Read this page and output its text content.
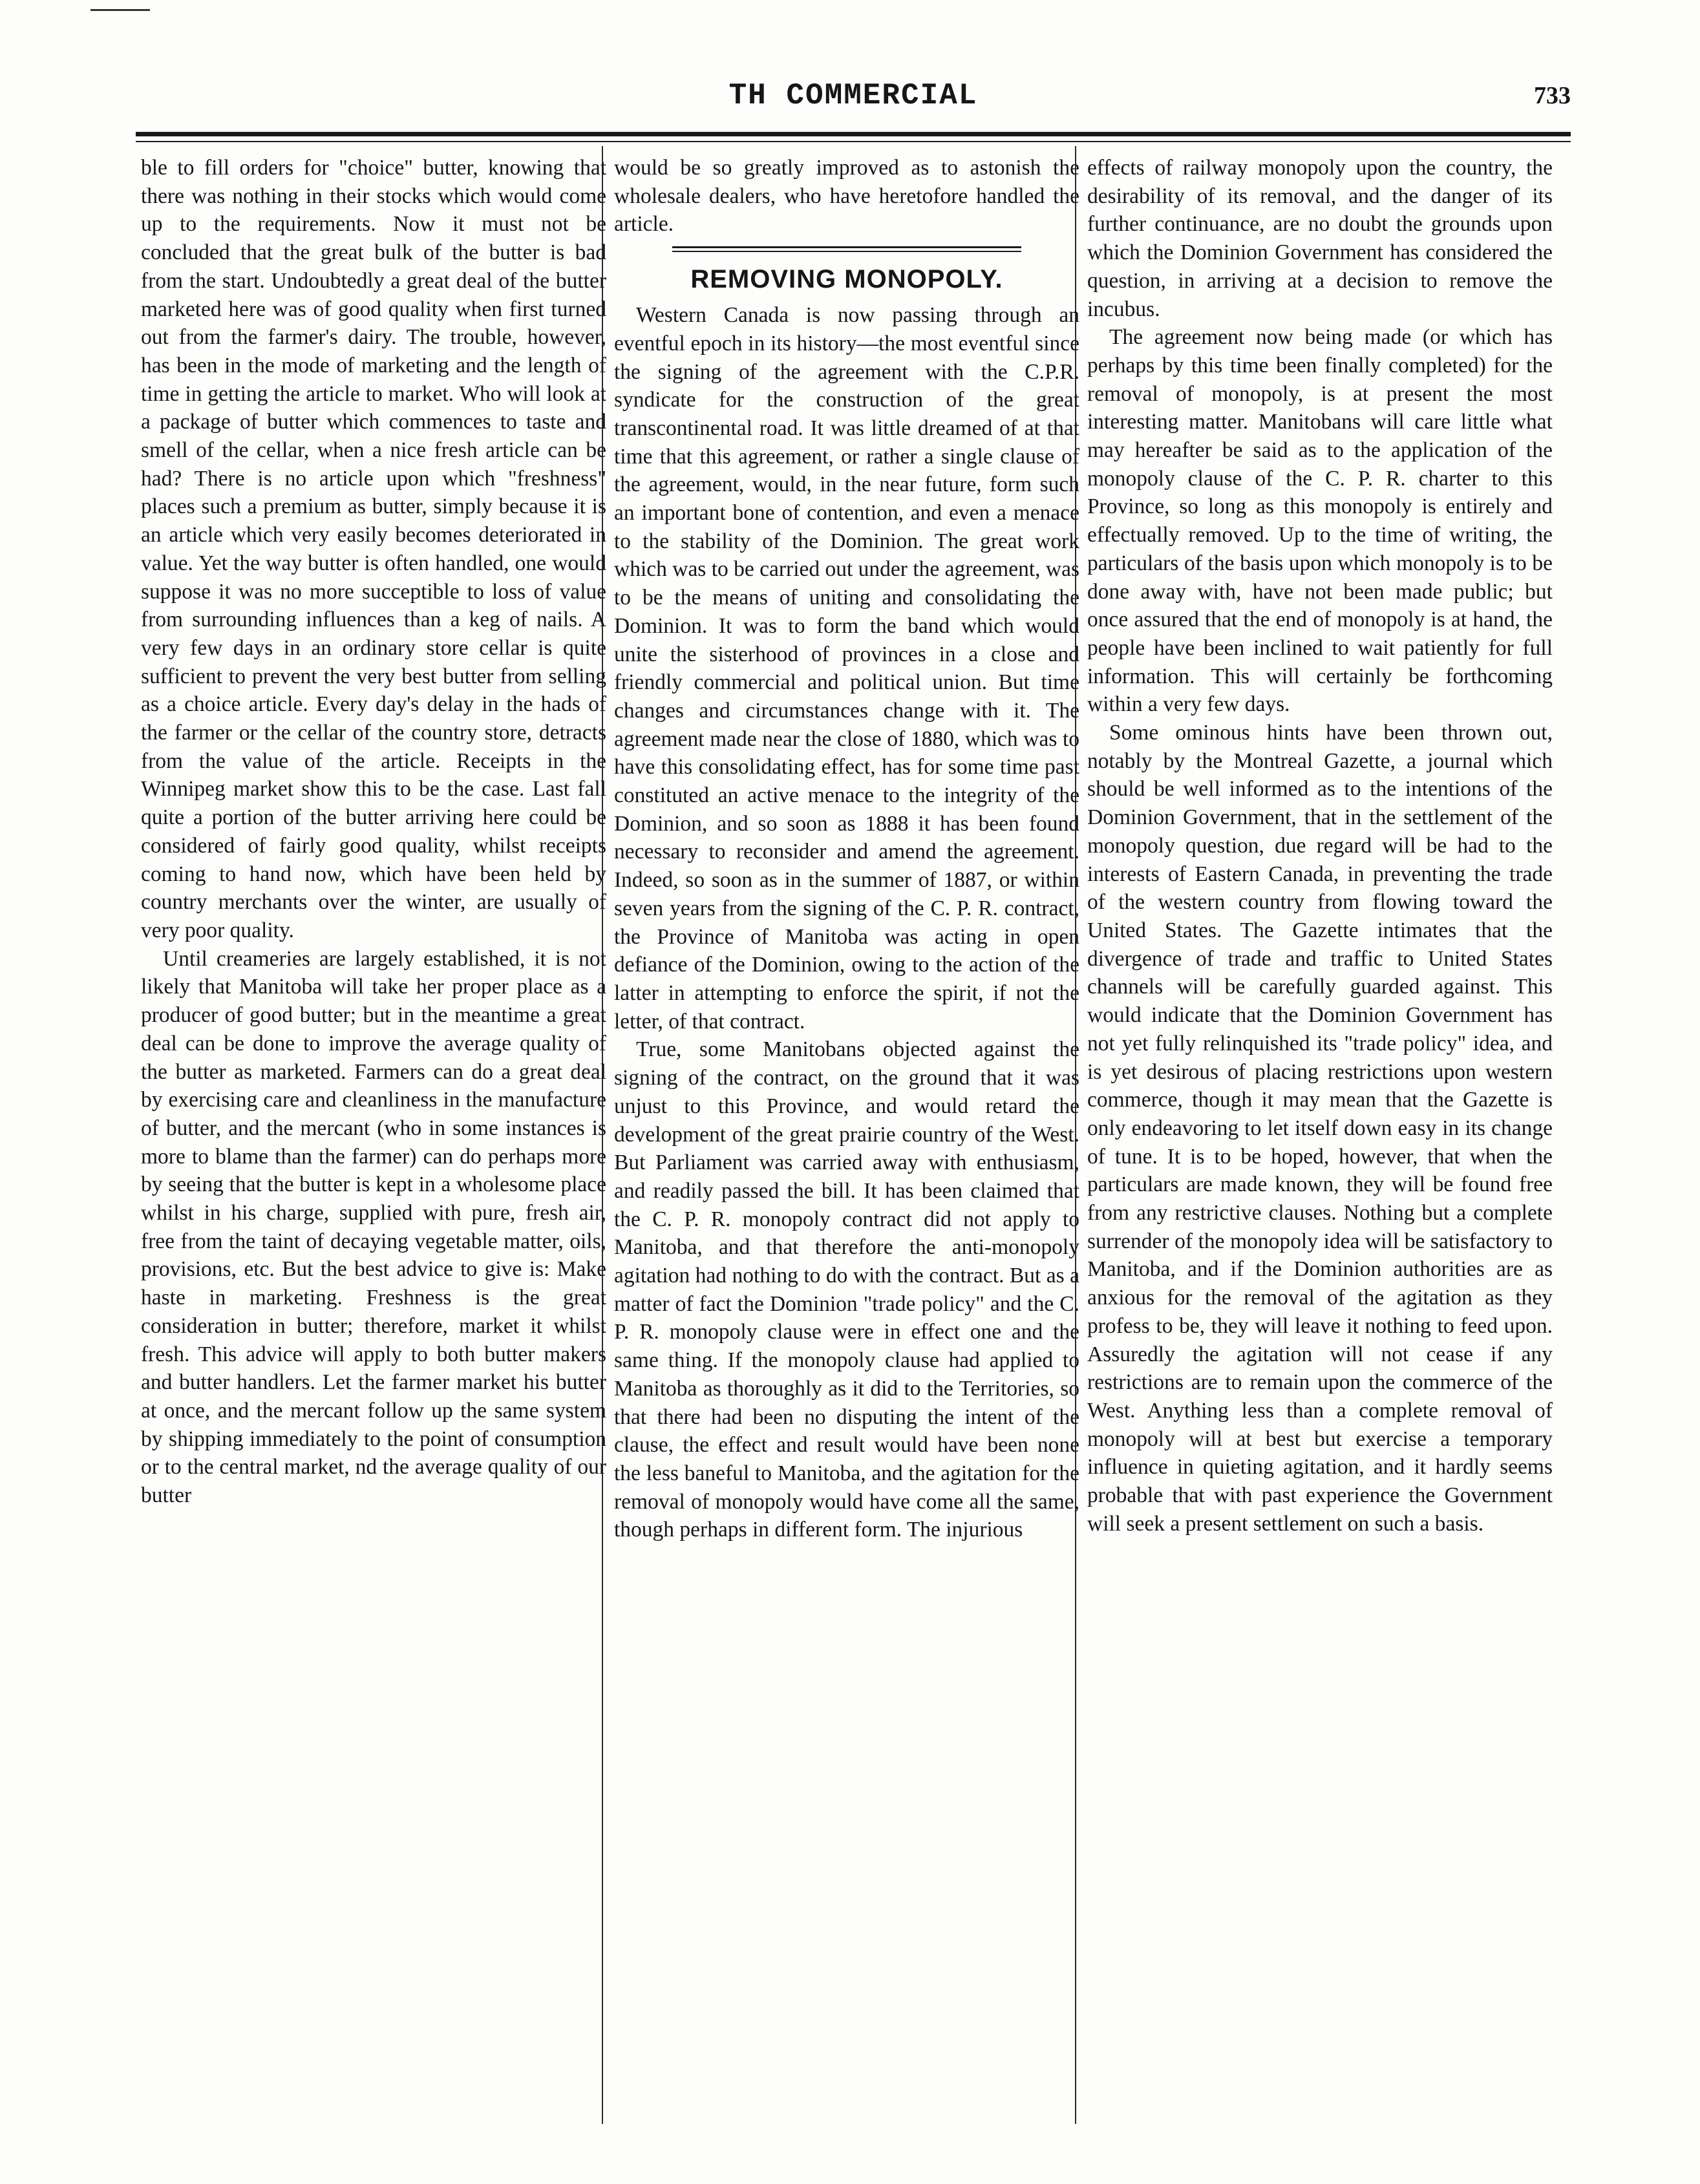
TH COMMERCIAL	733

ble to fill orders for "choice" butter, knowing that there was nothing in their stocks which would come up to the requirements. Now it must not be concluded that the great bulk of the butter is bad from the start. Undoubtedly a great deal of the butter marketed here was of good quality when first turned out from the farmer's dairy. The trouble, however, has been in the mode of marketing and the length of time in getting the article to market. Who will look at a package of butter which commences to taste and smell of the cellar, when a nice fresh article can be had? There is no article upon which "freshness" places such a premium as butter, simply because it is an article which very easily becomes deteriorated in value. Yet the way butter is often handled, one would suppose it was no more succeptible to loss of value from surrounding influences than a keg of nails. A very few days in an ordinary store cellar is quite sufficient to prevent the very best butter from selling as a choice article. Every day's delay in the hads of the farmer or the cellar of the country store, detracts from the value of the article. Receipts in the Winnipeg market show this to be the case. Last fall quite a portion of the butter arriving here could be considered of fairly good quality, whilst receipts coming to hand now, which have been held by country merchants over the winter, are usually of very poor quality.

Until creameries are largely established, it is not likely that Manitoba will take her proper place as a producer of good butter; but in the meantime a great deal can be done to improve the average quality of the butter as marketed. Farmers can do a great deal by exercising care and cleanliness in the manufacture of butter, and the mercant (who in some instances is more to blame than the farmer) can do perhaps more by seeing that the butter is kept in a wholesome place whilst in his charge, supplied with pure, fresh air, free from the taint of decaying vegetable matter, oils, provisions, etc. But the best advice to give is: Make haste in marketing. Freshness is the great consideration in butter; therefore, market it whilst fresh. This advice will apply to both butter makers and butter handlers. Let the farmer market his butter at once, and the mercant follow up the same system by shipping immediately to the point of consumption or to the central market, nd the average quality of our butter

would be so greatly improved as to astonish the wholesale dealers, who have heretofore handled the article.

REMOVING MONOPOLY.

Western Canada is now passing through an eventful epoch in its history—the most eventful since the signing of the agreement with the C.P.R. syndicate for the construction of the great transcontinental road. It was little dreamed of at that time that this agreement, or rather a single clause of the agreement, would, in the near future, form such an important bone of contention, and even a menace to the stability of the Dominion. The great work which was to be carried out under the agreement, was to be the means of uniting and consolidating the Dominion. It was to form the band which would unite the sisterhood of provinces in a close and friendly commercial and political union. But time changes and circumstances change with it. The agreement made near the close of 1880, which was to have this consolidating effect, has for some time past constituted an active menace to the integrity of the Dominion, and so soon as 1888 it has been found necessary to reconsider and amend the agreement. Indeed, so soon as in the summer of 1887, or within seven years from the signing of the C. P. R. contract, the Province of Manitoba was acting in open defiance of the Dominion, owing to the action of the latter in attempting to enforce the spirit, if not the letter, of that contract.

True, some Manitobans objected against the signing of the contract, on the ground that it was unjust to this Province, and would retard the development of the great prairie country of the West. But Parliament was carried away with enthusiasm, and readily passed the bill. It has been claimed that the C. P. R. monopoly contract did not apply to Manitoba, and that therefore the anti-monopoly agitation had nothing to do with the contract. But as a matter of fact the Dominion "trade policy" and the C. P. R. monopoly clause were in effect one and the same thing. If the monopoly clause had applied to Manitoba as thoroughly as it did to the Territories, so that there had been no disputing the intent of the clause, the effect and result would have been none the less baneful to Manitoba, and the agitation for the removal of monopoly would have come all the same, though perhaps in different form. The injurious

effects of railway monopoly upon the country, the desirability of its removal, and the danger of its further continuance, are no doubt the grounds upon which the Dominion Government has considered the question, in arriving at a decision to remove the incubus.

The agreement now being made (or which has perhaps by this time been finally completed) for the removal of monopoly, is at present the most interesting matter. Manitobans will care little what may hereafter be said as to the application of the monopoly clause of the C. P. R. charter to this Province, so long as this monopoly is entirely and effectually removed. Up to the time of writing, the particulars of the basis upon which monopoly is to be done away with, have not been made public; but once assured that the end of monopoly is at hand, the people have been inclined to wait patiently for full information. This will certainly be forthcoming within a very few days.

Some ominous hints have been thrown out, notably by the Montreal Gazette, a journal which should be well informed as to the intentions of the Dominion Government, that in the settlement of the monopoly question, due regard will be had to the interests of Eastern Canada, in preventing the trade of the western country from flowing toward the United States. The Gazette intimates that the divergence of trade and traffic to United States channels will be carefully guarded against. This would indicate that the Dominion Government has not yet fully relinquished its "trade policy" idea, and is yet desirous of placing restrictions upon western commerce, though it may mean that the Gazette is only endeavoring to let itself down easy in its change of tune. It is to be hoped, however, that when the particulars are made known, they will be found free from any restrictive clauses. Nothing but a complete surrender of the monopoly idea will be satisfactory to Manitoba, and if the Dominion authorities are as anxious for the removal of the agitation as they profess to be, they will leave it nothing to feed upon. Assuredly the agitation will not cease if any restrictions are to remain upon the commerce of the West. Anything less than a complete removal of monopoly will at best but exercise a temporary influence in quieting agitation, and it hardly seems probable that with past experience the Government will seek a present settlement on such a basis.
